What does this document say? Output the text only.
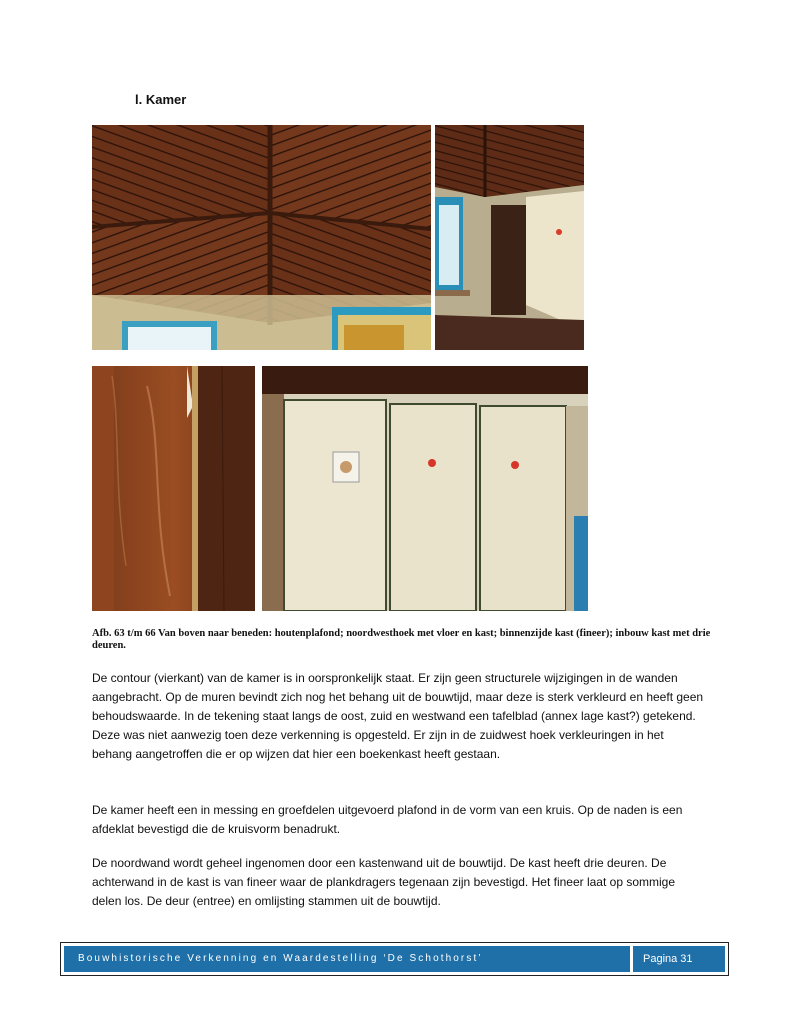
l. Kamer

Afb. 63 t/m 66 Van boven naar beneden: houtenplafond; noordwesthoek met vloer en kast; binnenzijde kast (fineer); inbouw kast met drie deuren.

De contour (vierkant) van de kamer is in oorspronkelijk staat. Er zijn geen structurele wijzigingen in de wanden aangebracht. Op de muren bevindt zich nog het behang uit de bouwtijd, maar deze is sterk verkleurd en heeft geen behoudswaarde. In de tekening staat langs de oost, zuid en westwand een tafelblad (annex lage kast?) getekend. Deze was niet aanwezig toen deze verkenning is opgesteld. Er zijn in de zuidwest hoek verkleuringen in het behang aangetroffen die er op wijzen dat hier een boekenkast heeft gestaan.

De kamer heeft een in messing en groefdelen uitgevoerd plafond in de vorm van een kruis. Op de naden is een afdeklat bevestigd die de kruisvorm benadrukt.

De noordwand wordt geheel ingenomen door een kastenwand uit de bouwtijd. De kast heeft drie deuren. De achterwand in de kast is van fineer waar de plankdragers tegenaan zijn bevestigd. Het fineer laat op sommige delen los. De deur (entree) en omlijsting stammen uit de bouwtijd.

Bouwhistorische Verkenning en Waardestelling ‘De Schothorst’	Pagina 31
